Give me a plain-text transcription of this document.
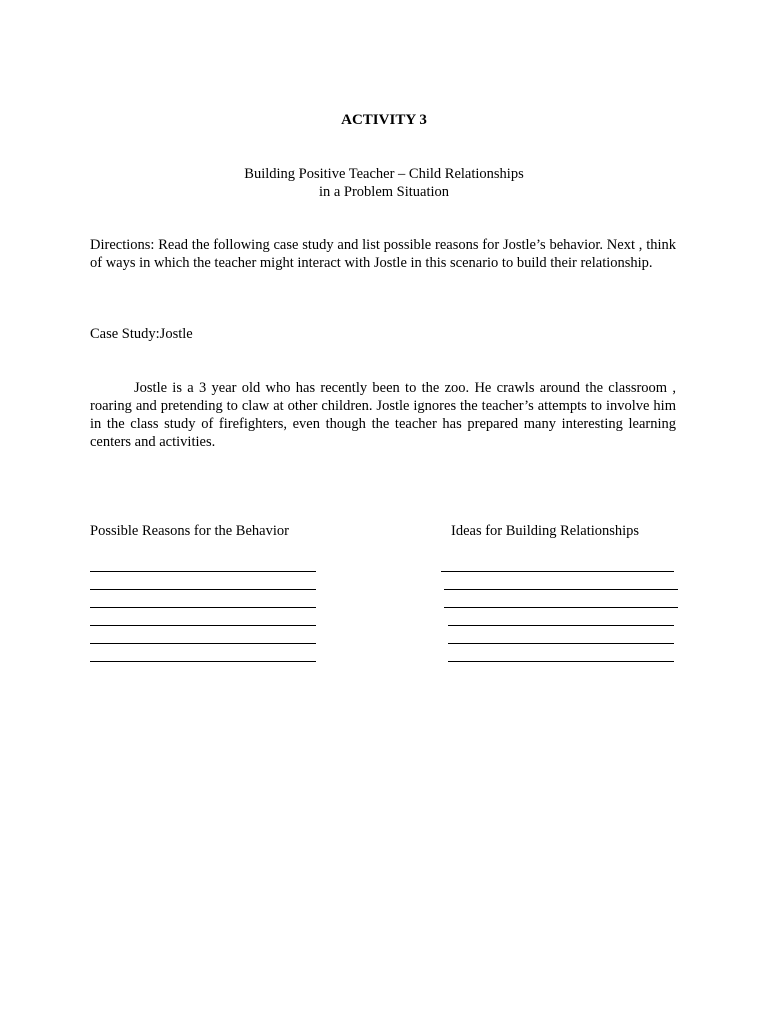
ACTIVITY 3
Building Positive Teacher – Child Relationships
in a Problem Situation
Directions: Read the following case study and list possible reasons for Jostle’s behavior. Next , think of ways in which the teacher might interact with Jostle in this scenario to build their relationship.
Case Study:Jostle
Jostle is a 3 year old who has recently been to the zoo. He crawls around the classroom , roaring and pretending to claw at other children. Jostle ignores the teacher’s attempts to involve him in the class study of firefighters, even though the teacher has prepared many interesting learning centers and activities.
Possible Reasons for the Behavior	Ideas for Building Relationships
